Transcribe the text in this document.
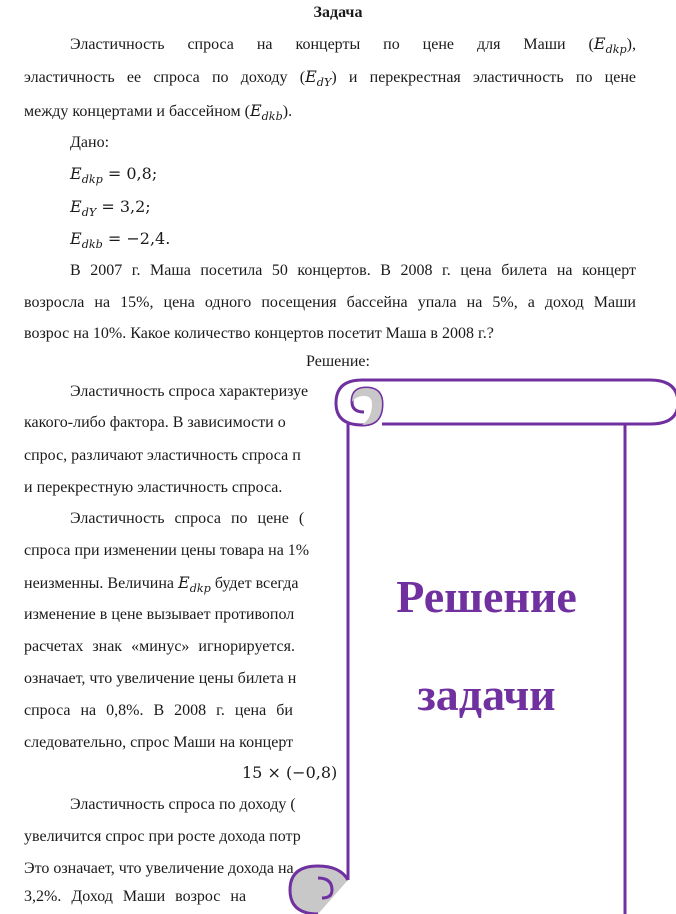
Задача
Эластичность спроса на концерты по цене для Маши $(E_{dkp})$,
эластичность ее спроса по доходу $(E_{dY})$ и перекрестная эластичность по цене
между концертами и бассейном $(E_{dkb})$.
Дано:
$E_{dkp} = 0,8$;
$E_{dY} = 3,2$;
$E_{dkb} = -2,4$.
В 2007 г. Маша посетила 50 концертов. В 2008 г. цена билета на концерт
возросла на 15%, цена одного посещения бассейна упала на 5%, а доход Маши
возрос на 10%. Какое количество концертов посетит Маша в 2008 г.?
Решение:
Эластичность спроса характеризуе
какого-либо фактора. В зависимости о
спрос, различают эластичность спроса п
и перекрестную эластичность спроса.
Эластичность спроса по цене (
спроса при изменении цены товара на 1%
неизменны. Величина $E_{dkp}$ будет всегда
изменение в цене вызывает противопол
расчетах знак «минус» игнорируется.
означает, что увеличение цены билета н
спроса на 0,8%. В 2008 г. цена би
следовательно, спрос Маши на концерт
15 × (−0,8)
Эластичность спроса по доходу (
увеличится спрос при росте дохода потр
Это означает, что увеличение дохода на
3,2%. Доход Маши возрос на
Решение
задачи
